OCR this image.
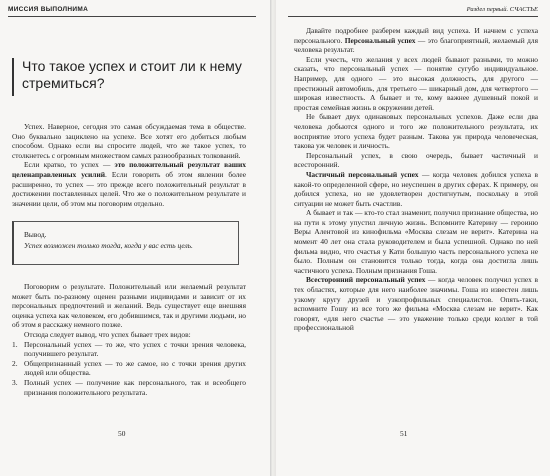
МИССИЯ ВЫПОЛНИМА
Что такое успех и стоит ли к нему стремиться?

Успех. Наверное, сегодня это самая обсуждаемая тема в обществе. Оно буквально зациклено на успехе. Все хотят его добиться любым способом. Однако если вы спросите людей, что же такое успех, то столкнетесь с огромным множеством самых разнообразных толкований.

Если кратко, то успех — это положительный результат ваших целенаправленных усилий. Если говорить об этом явлении более расширенно, то успех — это прежде всего положительный результат в достижении поставленных целей. Что же о положительном результате и значении цели, об этом мы поговорим отдельно.

Вывод.
Успех возможен только тогда, когда у вас есть цель.

Поговорим о результате. Положительный или желаемый результат может быть по-разному оценен разными индивидами и зависит от их персональных предпочтений и желаний. Ведь существует еще внешняя оценка успеха как человеком, его добившимся, так и другими людьми, но об этом я расскажу немного позже.

Отсюда следует вывод, что успех бывает трех видов:

1. Персональный успех — то же, что успех с точки зрения человека, получившего результат.
2. Общепризнанный успех — то же самое, но с точки зрения других людей или общества.
3. Полный успех — получение как персонального, так и всеобщего признания положительного результата.
50
Раздел первый. СЧАСТЬЕ

Давайте подробнее разберем каждый вид успеха. И начнем с успеха персонального. Персональный успех — это благоприятный, желаемый для человека результат.

Если учесть, что желания у всех людей бывают разными, то можно сказать, что персональный успех — понятие сугубо индивидуальное. Например, для одного — это высокая должность, для другого — престижный автомобиль, для третьего — шикарный дом, для четвертого — широкая известность. А бывает и те, кому важнее душевный покой и простая семейная жизнь в окружении детей.

Не бывает двух одинаковых персональных успехов. Даже если два человека добьются одного и того же положительного результата, их восприятие этого успеха будет разным. Такова уж природа человеческая, такова уж человек и личность.

Персональный успех, в свою очередь, бывает частичный и всесторонний.

Частичный персональный успех — когда человек добился успеха в какой-то определенной сфере, но неуспешен в других сферах. К примеру, он добился успеха, но не удовлетворен достигнутым, поскольку в этой ситуации не может быть счастлив.

А бывает и так — кто-то стал знаменит, получил признание общества, но на пути к этому упустил личную жизнь. Вспомните Катерину — героиню Веры Алентовой из кинофильма «Москва слезам не верит». Катерина на момент 40 лет она стала руководителем и была успешной. Однако по ней фильма видно, что счастья у Кати большую часть персонального успеха не было. Полным он становится только тогда, когда она достигла лишь частичного успеха. Полным признания Гоша.

Всесторонний персональный успех — когда человек получил успех в тех областях, которые для него наиболее значимы. Гоша из известен лишь узкому кругу друзей и узкопрофильных специалистов. Опять-таки, вспомните Гошу из все того же фильма «Москва слезам не верит». Как говорят, «для него счастье — это уважение только среди коллег в той профессиональной

51
